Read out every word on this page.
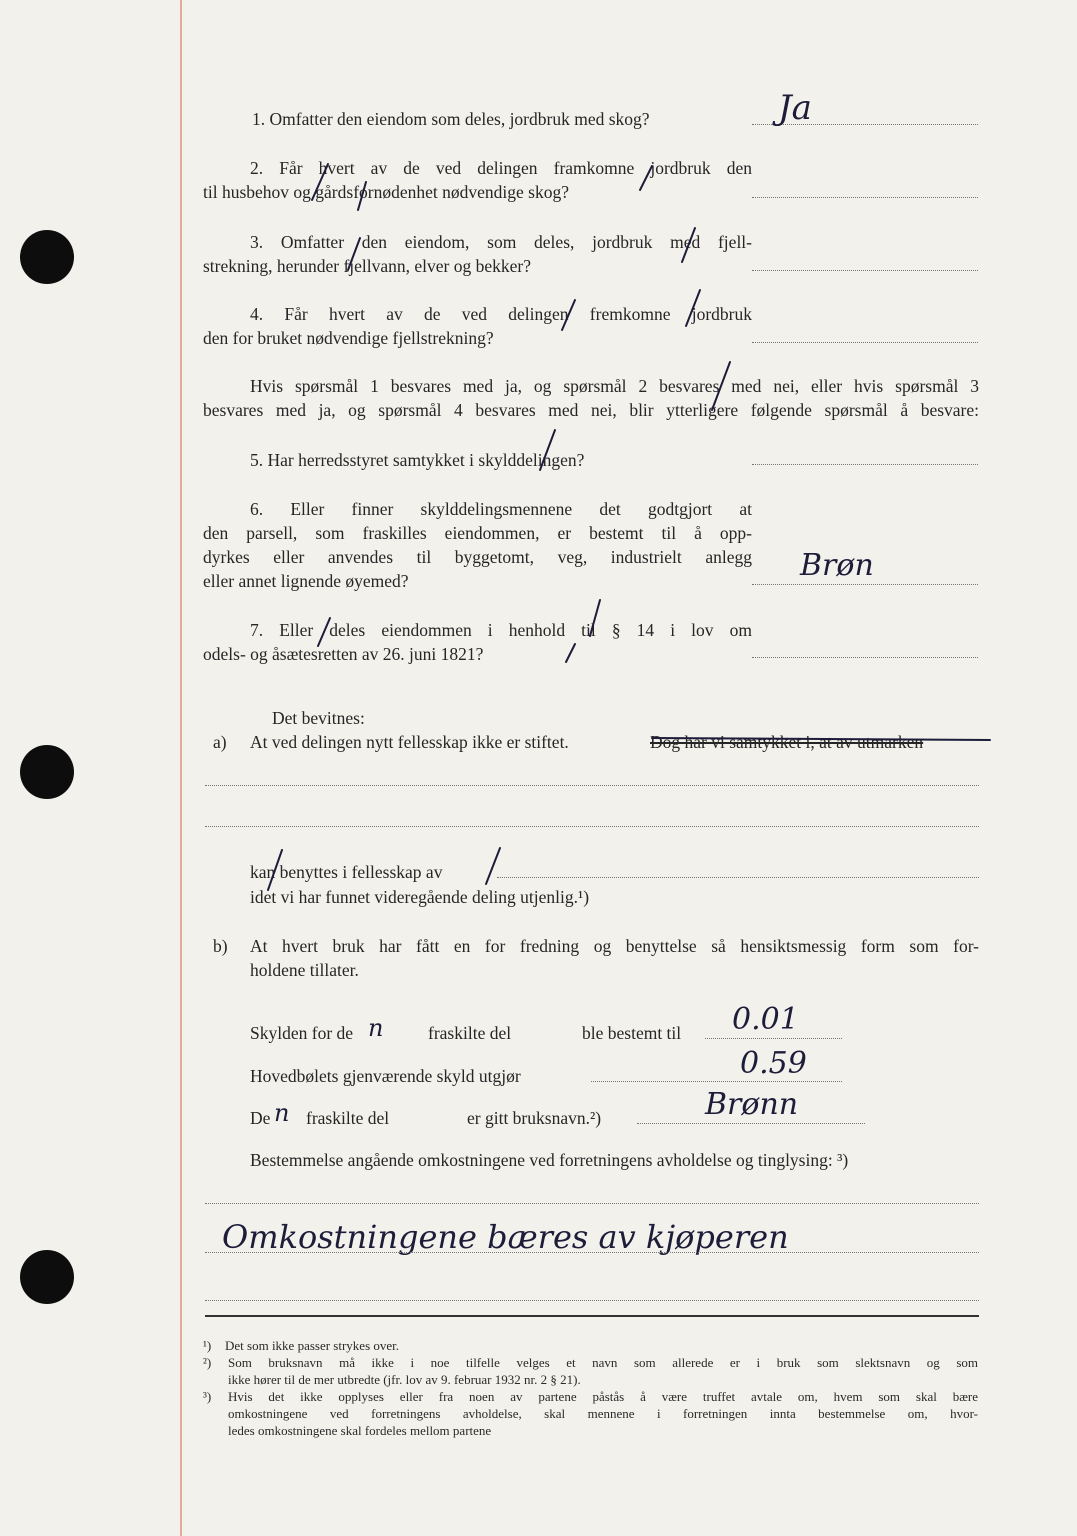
1. Omfatter den eiendom som deles, jordbruk med skog?	Ja
2. Får hvert av de ved delingen framkomne jordbruk den
til husbehov og gårdsfornødenhet nødvendige skog?
3. Omfatter den eiendom, som deles, jordbruk med fjell-
strekning, herunder fjellvann, elver og bekker?
4. Får hvert av de ved delingen fremkomne jordbruk
den for bruket nødvendige fjellstrekning?
Hvis spørsmål 1 besvares med ja, og spørsmål 2 besvares med nei, eller hvis spørsmål 3
besvares med ja, og spørsmål 4 besvares med nei, blir ytterligere følgende spørsmål å besvare:
5. Har herredsstyret samtykket i skylddelingen?
6. Eller finner skylddelingsmennene det godtgjort at
den parsell, som fraskilles eiendommen, er bestemt til å opp-
dyrkes eller anvendes til byggetomt, veg, industrielt anlegg
eller annet lignende øyemed?	Brøn
7. Eller deles eiendommen i henhold til § 14 i lov om
odels- og åsætesretten av 26. juni 1821?
Det bevitnes:
a) At ved delingen nytt fellesskap ikke er stiftet.	Dog har vi samtykket i, at av utmarken
kan benyttes i fellesskap av
idet vi har funnet videregående deling utjenlig.¹)
b) At hvert bruk har fått en for fredning og benyttelse så hensiktsmessig form som for-
holdene tillater.
Skylden for de n	fraskilte del	ble bestemt til 0.01
Hovedbølets gjenværende skyld utgjør	0.59
De n fraskilte del	er gitt bruksnavn.²)	Brønn
Bestemmelse angående omkostningene ved forretningens avholdelse og tinglysing: ³)
Omkostningene bæres av kjøperen
¹) Det som ikke passer strykes over.
²) Som bruksnavn må ikke i noe tilfelle velges et navn som allerede er i bruk som slektsnavn og som
ikke hører til de mer utbredte (jfr. lov av 9. februar 1932 nr. 2 § 21).
³) Hvis det ikke opplyses eller fra noen av partene påstås å være truffet avtale om, hvem som skal bære
omkostningene ved forretningens avholdelse, skal mennene i forretningen innta bestemmelse om, hvor-
ledes omkostningene skal fordeles mellom partene
